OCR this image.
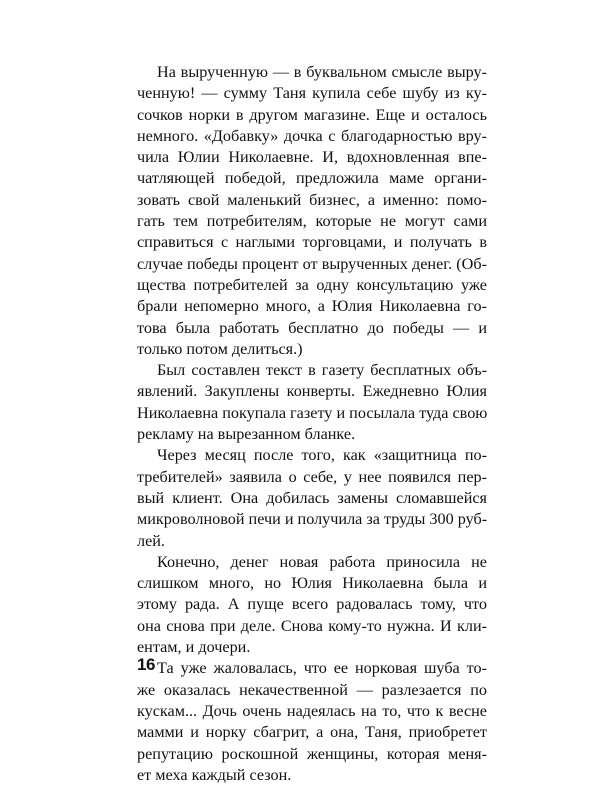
На вырученную — в буквальном смысле выру-
ченную! — сумму Таня купила себе шубу из ку-
сочков норки в другом магазине. Еще и осталось
немного. «Добавку» дочка с благодарностью вру-
чила Юлии Николаевне. И, вдохновленная впе-
чатляющей победой, предложила маме органи-
зовать свой маленький бизнес, а именно: помо-
гать тем потребителям, которые не могут сами
справиться с наглыми торговцами, и получать в
случае победы процент от вырученных денег. (Об-
щества потребителей за одну консультацию уже
брали непомерно много, а Юлия Николаевна го-
това была работать бесплатно до победы — и
только потом делиться.)

Был составлен текст в газету бесплатных объ-
явлений. Закуплены конверты. Ежедневно Юлия
Николаевна покупала газету и посылала туда свою
рекламу на вырезанном бланке.

Через месяц после того, как «защитница по-
требителей» заявила о себе, у нее появился пер-
вый клиент. Она добилась замены сломавшейся
микроволновой печи и получила за труды 300 руб-
лей.

Конечно, денег новая работа приносила не
слишком много, но Юлия Николаевна была и
этому рада. А пуще всего радовалась тому, что
она снова при деле. Снова кому-то нужна. И кли-
ентам, и дочери.

Та уже жаловалась, что ее норковая шуба то-
же оказалась некачественной — разлезается по
кускам... Дочь очень надеялась на то, что к весне
мамми и норку сбагрит, а она, Таня, приобретет
репутацию роскошной женщины, которая меня-
ет меха каждый сезон.

16
